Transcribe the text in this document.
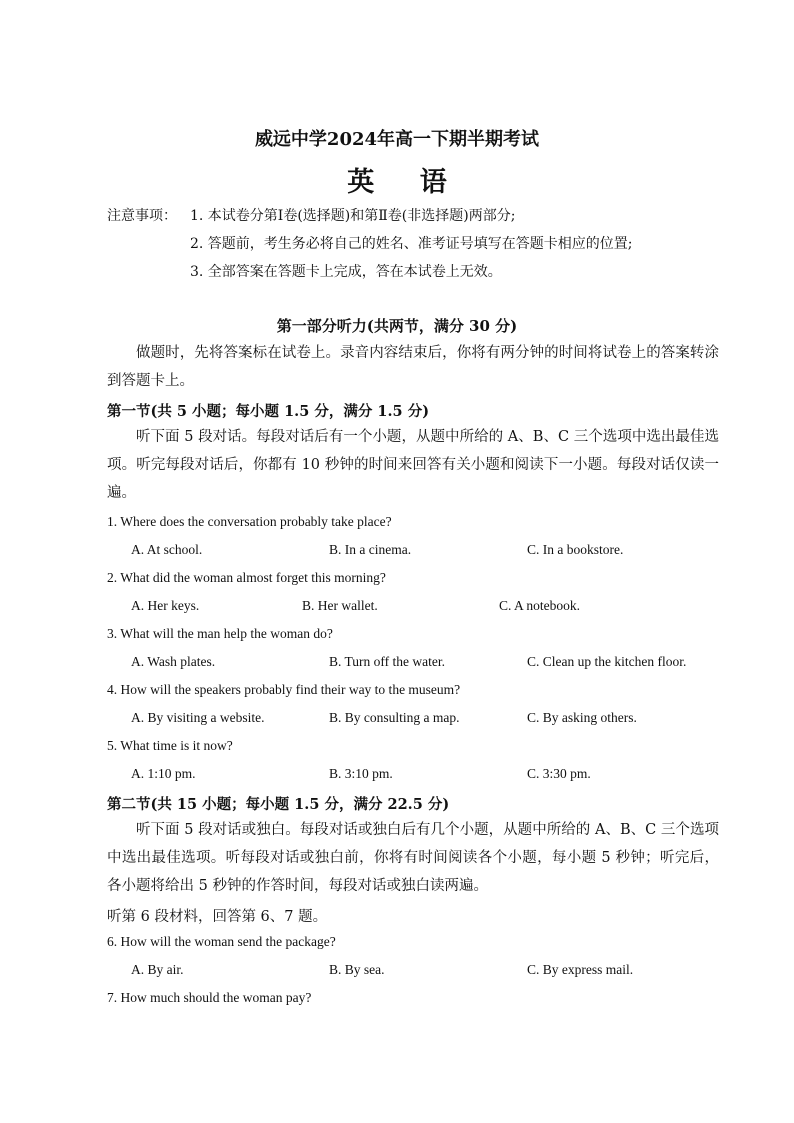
威远中学2024年高一下期半期考试
英 语
注意事项： 1. 本试卷分第Ⅰ卷(选择题)和第Ⅱ卷(非选择题)两部分;
2. 答题前，考生务必将自己的姓名、准考证号填写在答题卡相应的位置;
3. 全部答案在答题卡上完成，答在本试卷上无效。
第一部分听力(共两节，满分 30 分)
做题时，先将答案标在试卷上。录音内容结束后，你将有两分钟的时间将试卷上的答案转涂到答题卡上。
第一节(共 5 小题；每小题 1.5 分，满分 1.5 分)
听下面 5 段对话。每段对话后有一个小题，从题中所给的 A、B、C 三个选项中选出最佳选项。听完每段对话后，你都有 10 秒钟的时间来回答有关小题和阅读下一小题。每段对话仅读一遍。
1. Where does the conversation probably take place?
A. At school.	B. In a cinema.	C. In a bookstore.
2. What did the woman almost forget this morning?
A. Her keys.	B. Her wallet.	C. A notebook.
3. What will the man help the woman do?
A. Wash plates.	B. Turn off the water.	C. Clean up the kitchen floor.
4. How will the speakers probably find their way to the museum?
A. By visiting a website.	B. By consulting a map.	C. By asking others.
5. What time is it now?
A. 1:10 pm.	B. 3:10 pm.	C. 3:30 pm.
第二节(共 15 小题；每小题 1.5 分，满分 22.5 分)
听下面 5 段对话或独白。每段对话或独白后有几个小题，从题中所给的 A、B、C 三个选项中选出最佳选项。听每段对话或独白前，你将有时间阅读各个小题，每小题 5 秒钟；听完后，各小题将给出 5 秒钟的作答时间，每段对话或独白读两遍。
听第 6 段材料，回答第 6、7 题。
6. How will the woman send the package?
A. By air.	B. By sea.	C. By express mail.
7. How much should the woman pay?
